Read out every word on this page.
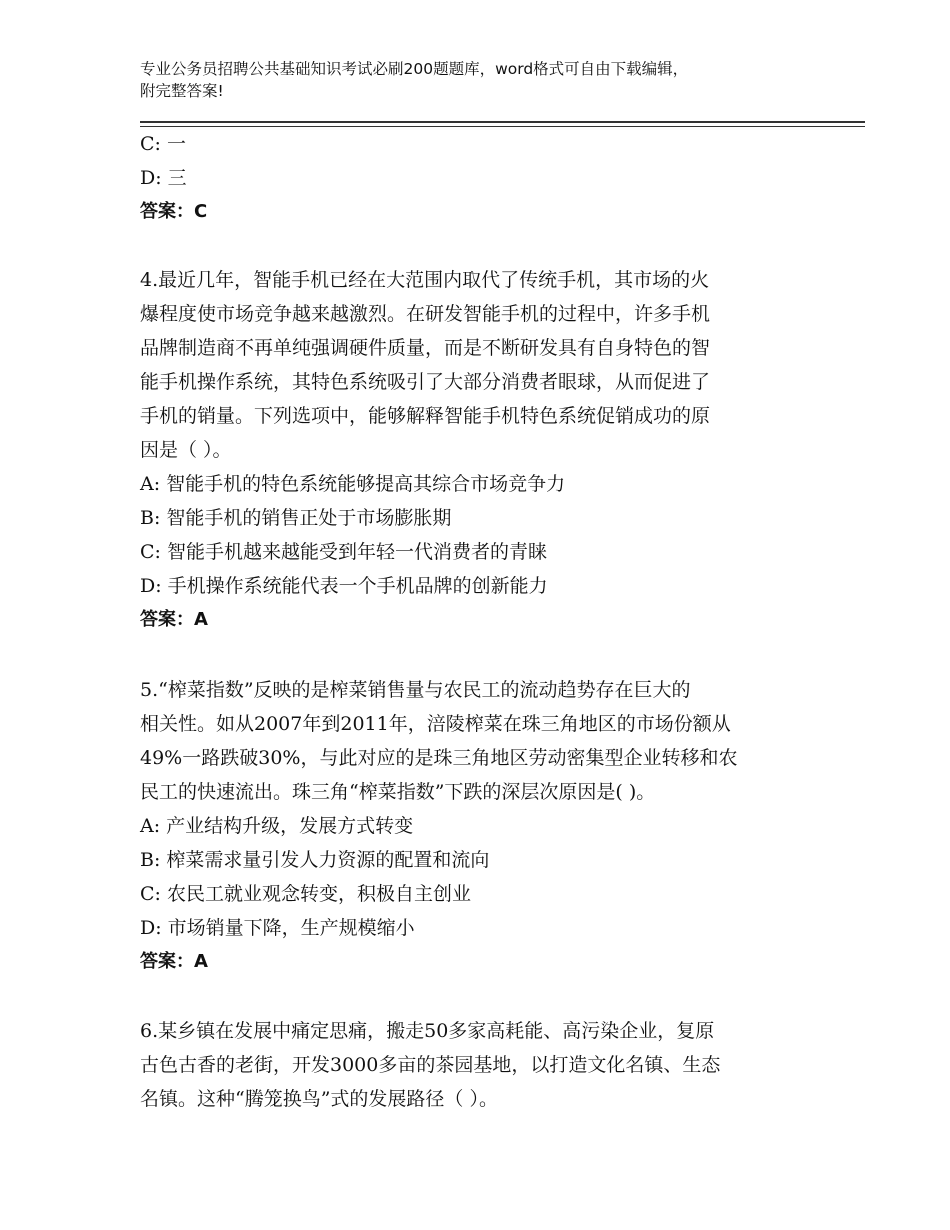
专业公务员招聘公共基础知识考试必刷200题题库，word格式可自由下载编辑，
附完整答案!
C: 一
D: 三
答案：C
4.最近几年，智能手机已经在大范围内取代了传统手机，其市场的火
爆程度使市场竞争越来越激烈。在研发智能手机的过程中，许多手机
品牌制造商不再单纯强调硬件质量，而是不断研发具有自身特色的智
能手机操作系统，其特色系统吸引了大部分消费者眼球，从而促进了
手机的销量。下列选项中，能够解释智能手机特色系统促销成功的原
因是（ ）。
A: 智能手机的特色系统能够提高其综合市场竞争力
B: 智能手机的销售正处于市场膨胀期
C: 智能手机越来越能受到年轻一代消费者的青睐
D: 手机操作系统能代表一个手机品牌的创新能力
答案：A
5.“榨菜指数”反映的是榨菜销售量与农民工的流动趋势存在巨大的
相关性。如从2007年到2011年，涪陵榨菜在珠三角地区的市场份额从
49%一路跌破30%，与此对应的是珠三角地区劳动密集型企业转移和农
民工的快速流出。珠三角“榨菜指数”下跌的深层次原因是( )。
A: 产业结构升级，发展方式转变
B: 榨菜需求量引发人力资源的配置和流向
C: 农民工就业观念转变，积极自主创业
D: 市场销量下降，生产规模缩小
答案：A
6.某乡镇在发展中痛定思痛，搬走50多家高耗能、高污染企业，复原
古色古香的老街，开发3000多亩的茶园基地，以打造文化名镇、生态
名镇。这种“腾笼换鸟”式的发展路径（ ）。
